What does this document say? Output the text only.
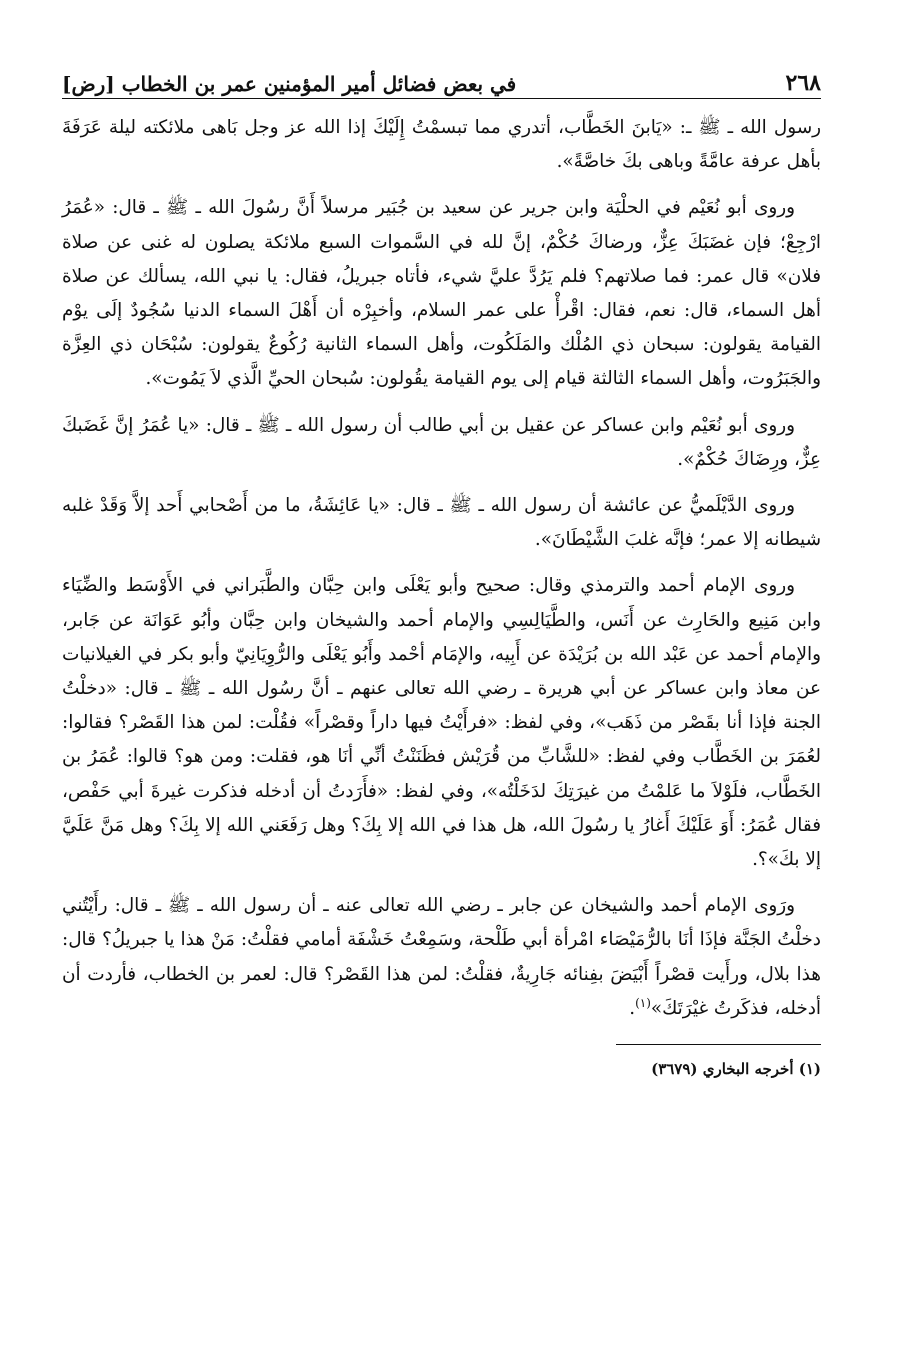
٢٦٨
في بعض فضائل أمير المؤمنين عمر بن الخطاب [رض]

رسول الله ـ ﷺ ـ: «يَابنَ الخَطَّاب، أتدري مما تبسمْتُ إِلَيْكَ إذا الله عز وجل بَاهى ملائكته ليلة عَرَفَةَ بأهل عرفة عامَّةً وباهى بكَ خاصَّةً».

وروى أبو نُعَيْم في الحلْيَة وابن جرير عن سعيد بن جُبَير مرسلاً أَنَّ رسُولَ الله ـ ﷺ ـ قال: «عُمَرُ ارْجِعْ؛ فإن غضَبَكَ عِزٌّ، ورضاكَ حُكْمٌ، إنَّ لله في السَّموات السبع ملائكة يصلون له غنى عن صلاة فلان» قال عمر: فما صلاتهم؟ فلم يَرُدَّ عليَّ شيء، فأتاه جبريلُ، فقال: يا نبي الله، يسألك عن صلاة أهل السماء، قال: نعم، فقال: اقْرأْ على عمر السلام، وأخبِرْه أن أَهْلَ السماء الدنيا سُجُودٌ إلَى يوْم القيامة يقولون: سبحان ذي المُلْك والمَلَكُوت، وأهل السماء الثانية رُكُوعٌ يقولون: سُبْحَان ذي العِزَّة والجَبَرُوت، وأهل السماء الثالثة قيام إلى يوم القيامة يقُولون: سُبحان الحيِّ الَّذي لاَ يَمُوت».

وروى أبو نُعَيْم وابن عساكر عن عقيل بن أبي طالب أن رسول الله ـ ﷺ ـ قال: «يا عُمَرُ إنَّ غَضَبكَ عِزٌّ، ورِضَاكَ حُكْمٌ».

وروى الدَّيْلَميُّ عن عائشة أن رسول الله ـ ﷺ ـ قال: «يا عَائِشَةُ، ما من أَصْحابي أَحد إلاَّ وَقَدْ غلبه شيطانه إلا عمر؛ فإنَّه غلبَ الشَّيْطَانَ».

وروى الإمام أحمد والترمذي وقال: صحيح وأبو يَعْلَى وابن حِبَّان والطَّبَراني في الأَوْسَط والضِّيَاء وابن مَنِيع والحَارِث عن أَنَس، والطَّيَالِسِي والإمام أحمد والشيخان وابن حِبَّان وأبُو عَوَانَة عن جَابر، والإمام أحمد عن عَبْد الله بن بُرَيْدَة عن أَبِيه، والإمَام أحْمد وأَبُو يَعْلَى والرُّوِيَانِيّ وأبو بكر في الغيلانيات عن معاذ وابن عساكر عن أبي هريرة ـ رضي الله تعالى عنهم ـ أنَّ رسُول الله ـ ﷺ ـ قال: «دخلْتُ الجنة فإذا أنا بقَصْر من ذَهَب»، وفي لفظ: «فرأَيْتُ فيها داراً وقصْراً» فقُلْت: لمن هذا القَصْر؟ فقالوا: لعُمَرَ بن الخَطَّاب وفي لفظ: «للشَّابِّ من قُرَيْش فظَنَنْتُ أنِّي أنَا هو، فقلت: ومن هو؟ قالوا: عُمَرُ بن الخَطَّاب، فلَوْلاَ ما عَلمْتُ من غيرَتِكَ لدَخَلْتُه»، وفي لفظ: «فأَرَدتُ أن أدخله فذكرت غيرةَ أبي حَفْص، فقال عُمَرُ: أَوَ عَلَيْكَ أَغارُ يا رسُولَ الله، هل هذا في الله إلا بِكَ؟ وهل رَفَعَني الله إلا بِكَ؟ وهل مَنَّ عَلَيَّ إلا بكَ»؟.

ورَوى الإمام أحمد والشيخان عن جابر ـ رضي الله تعالى عنه ـ أن رسول الله ـ ﷺ ـ قال: رأَيْتُني دخلْتُ الجَنَّة فإذَا أنَا بالرُّمَيْصَاء امْرأة أبي طَلْحة، وسَمِعْتُ خَشْفَة أمامي فقلْتُ: مَنْ هذا يا جبريلُ؟ قال: هذا بلال، ورأَيت قصْراً أَبْيَضَ بفِنائه جَارِيةٌ، فقلْتُ: لمن هذا القَصْر؟ قال: لعمر بن الخطاب، فأردت أن أدخله، فذكَرتُ غيْرَتَكَ»$^{(١)}$.

(١) أخرجه البخاري (٣٦٧٩)
